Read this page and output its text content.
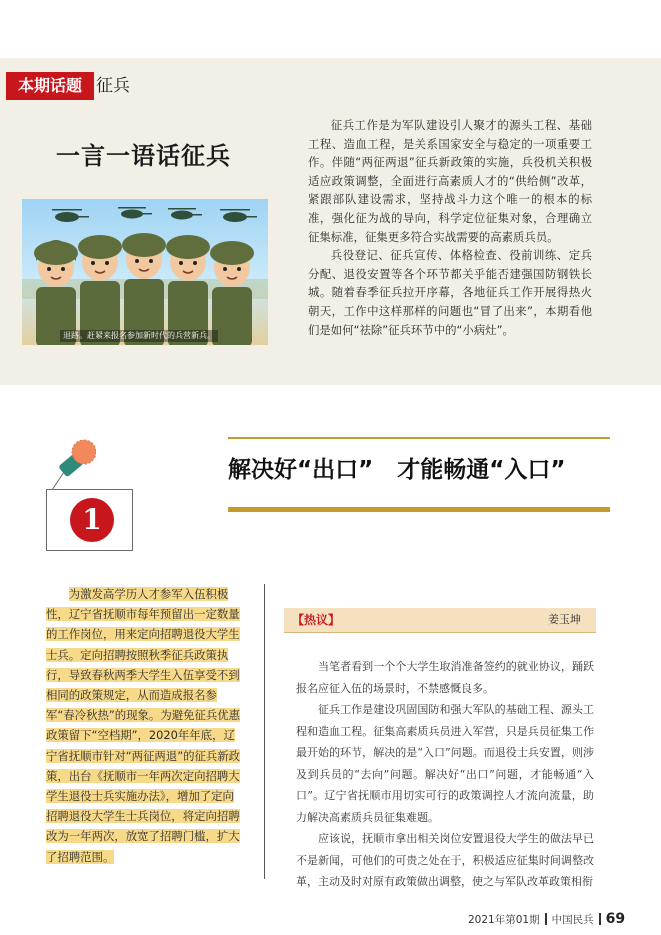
本期话题 征兵
一言一语话征兵
退路。赶紧来报名参加新时代的兵营新兵。

征兵工作是为军队建设引人聚才的源头工程、基础工程、造血工程，是关系国家安全与稳定的一项重要工作。伴随“两征两退”征兵新政策的实施，兵役机关积极适应政策调整，全面进行高素质人才的“供给侧”改革，紧跟部队建设需求，坚持战斗力这个唯一的根本的标准，强化征为战的导向，科学定位征集对象，合理确立征集标准，征集更多符合实战需要的高素质兵员。

兵役登记、征兵宣传、体格检查、役前训练、定兵分配、退役安置等各个环节都关乎能否建强国防钢铁长城。随着春季征兵拉开序幕，各地征兵工作开展得热火朝天，工作中这样那样的问题也“冒了出来”，本期看他们是如何“祛除”征兵环节中的“小病灶”。

1
解决好“出口” 才能畅通“入口”

为激发高学历人才参军入伍积极性，辽宁省抚顺市每年预留出一定数量的工作岗位，用来定向招聘退役大学生士兵。定向招聘按照秋季征兵政策执行，导致春秋两季大学生入伍享受不到相同的政策规定，从而造成报名参军“春冷秋热”的现象。为避免征兵优惠政策留下“空档期”，2020年年底，辽宁省抚顺市针对“两征两退”的征兵新政策，出台《抚顺市一年两次定向招聘大学生退役士兵实施办法》，增加了定向招聘退役大学生士兵岗位，将定向招聘改为一年两次，放宽了招聘门槛，扩大了招聘范围。

【热议】	姜玉坤

当笔者看到一个个大学生取消准备签约的就业协议，踊跃报名应征入伍的场景时，不禁感慨良多。

征兵工作是建设巩固国防和强大军队的基础工程、源头工程和造血工程。征集高素质兵员进入军营，只是兵员征集工作最开始的环节，解决的是“入口”问题。而退役士兵安置，则涉及到兵员的“去向”问题。解决好“出口”问题，才能畅通“入口”。辽宁省抚顺市用切实可行的政策调控人才流向流量，助力解决高素质兵员征集难题。

应该说，抚顺市拿出相关岗位安置退役大学生的做法早已不是新闻，可他们的可贵之处在于，积极适应征集时间调整改革，主动及时对原有政策做出调整，使之与军队改革政策相衔

2021年第01期 中国民兵 69
